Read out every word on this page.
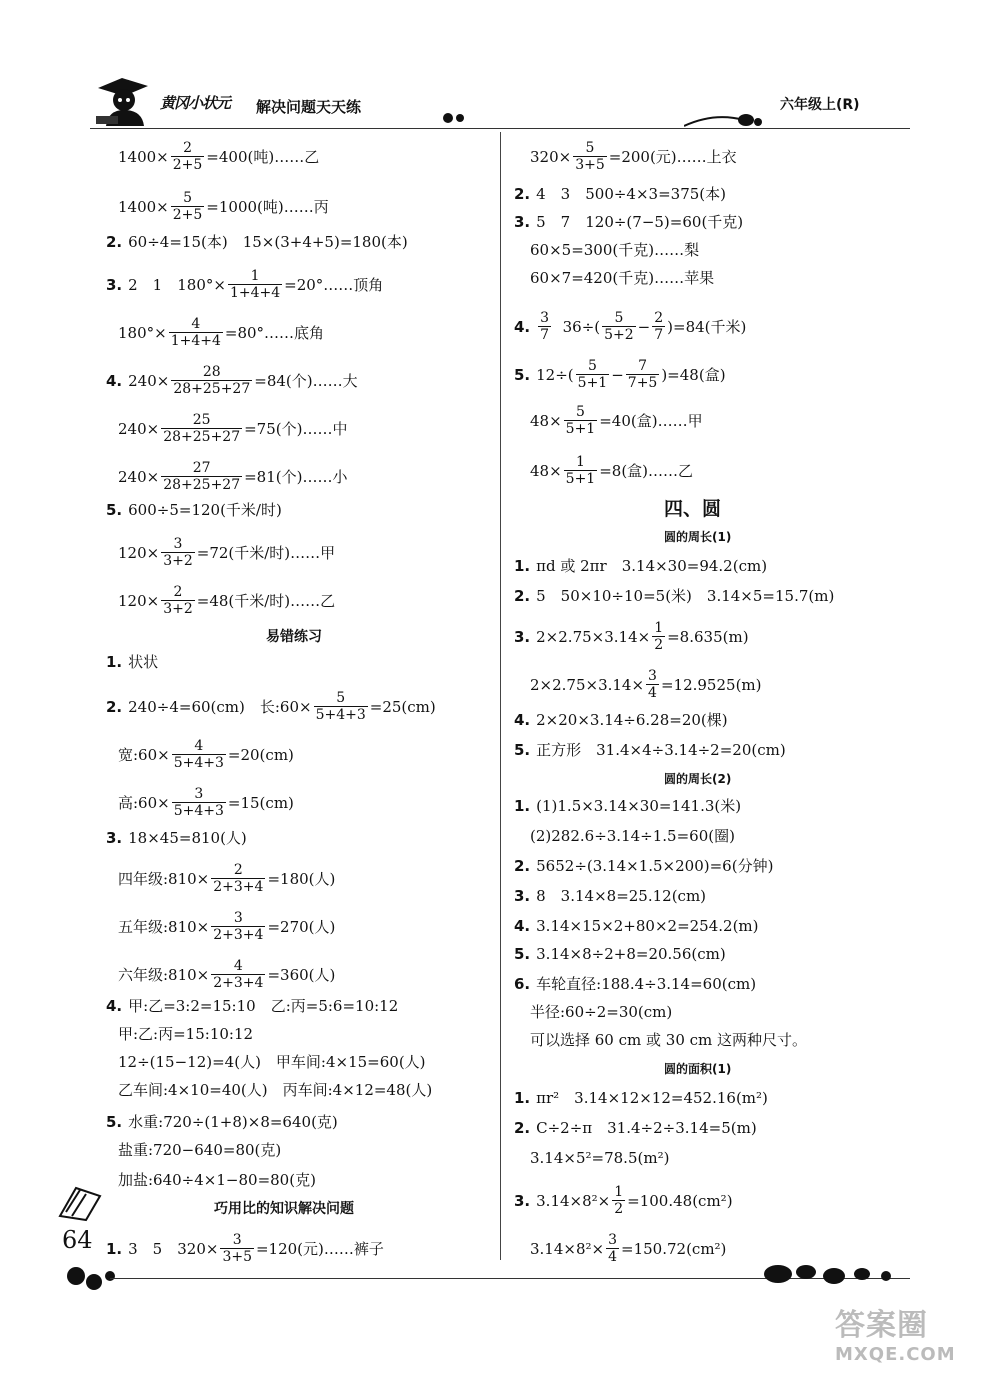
黄冈小状元 解决问题天天练	六年级上(R)
$1400\times \frac{2}{2+5} =400$(吨)……乙
$1400\times \frac{5}{2+5} =1000$(吨)……丙
2. 60÷4=15(本)　15×(3+4+5)=180(本)
3. 2　1　$180^\circ\times \frac{1}{1+4+4}$ =20°……顶角
$180^\circ\times \frac{4}{1+4+4}$ =80°……底角
4. $240\times \frac{28}{28+25+27} =84$(个)……大
$240\times \frac{25}{28+25+27} =75$(个)……中
$240\times \frac{27}{28+25+27} =81$(个)……小
5. 600÷5=120(千米/时)
$120\times \frac{3}{3+2} =72$(千米/时)……甲
$120\times \frac{2}{3+2} =48$(千米/时)……乙
易错练习
1. 状状
2. 240÷4=60(cm)　长:60× $\frac{5}{5+4+3} =25(cm)$
宽:60× $\frac{4}{5+4+3} =20(cm)$
高:60× $\frac{3}{5+4+3} =15(cm)$
3. 18×45=810(人)
四年级:810× $\frac{2}{2+3+4} =180$(人)
五年级:810× $\frac{3}{2+3+4} =270$(人)
六年级:810× $\frac{4}{2+3+4} =360$(人)
4. 甲:乙=3:2=15:10　乙:丙=5:6=10:12
甲:乙:丙=15:10:12
12÷(15−12)=4(人)　甲车间:4×15=60(人)
乙车间:4×10=40(人)　丙车间:4×12=48(人)
5. 水重:720÷(1+8)×8=640(克)
盐重:720−640=80(克)
加盐:640÷4×1−80=80(克)
巧用比的知识解决问题
1. 3　5　$320\times \frac{3}{3+5} =120$(元)……裤子
$320\times \frac{5}{3+5} =200$(元)……上衣
2. 4　3　500÷4×3=375(本)
3. 5　7　120÷(7−5)=60(千克)
60×5=300(千克)……梨
60×7=420(千克)……苹果
4. $\frac{3}{7}$
$36\div( \frac{5}{5+2} - \frac{2}{7} )=84$(千米)
5. $12\div( \frac{5}{5+1} - \frac{7}{7+5} )=48$(盒)
$48\times \frac{5}{5+1} =40$(盒)……甲
$48\times \frac{1}{5+1} =8$(盒)……乙
四、圆
圆的周长(1)
1. πd 或 2πr　3.14×30=94.2(cm)
2. 5　50×10÷10=5(米)　3.14×5=15.7(m)
3. $2\times 2.75\times 3.14\times \frac{1}{2} =8.635(m)$
$2\times 2.75\times 3.14\times \frac{3}{4} =12.9525(m)$
4. 2×20×3.14÷6.28=20(棵)
5. 正方形　31.4×4÷3.14÷2=20(cm)
圆的周长(2)
1. (1)1.5×3.14×30=141.3(米)
(2)282.6÷3.14÷1.5=60(圈)
2. 5652÷(3.14×1.5×200)=6(分钟)
3. 8　3.14×8=25.12(cm)
4. 3.14×15×2+80×2=254.2(m)
5. 3.14×8÷2+8=20.56(cm)
6. 车轮直径:188.4÷3.14=60(cm)
半径:60÷2=30(cm)
可以选择 60 cm 或 30 cm 这两种尺寸。
圆的面积(1)
1. πr²　3.14×12×12=452.16(m²)
2. C÷2÷π　31.4÷2÷3.14=5(m)
3.14×5²=78.5(m²)
3. $3.14\times 8^2\times \frac{1}{2} =100.48(cm^2)$
$3.14\times 8^2\times \frac{3}{4} =150.72(cm^2)$
64
答案圈
MXQE.COM
